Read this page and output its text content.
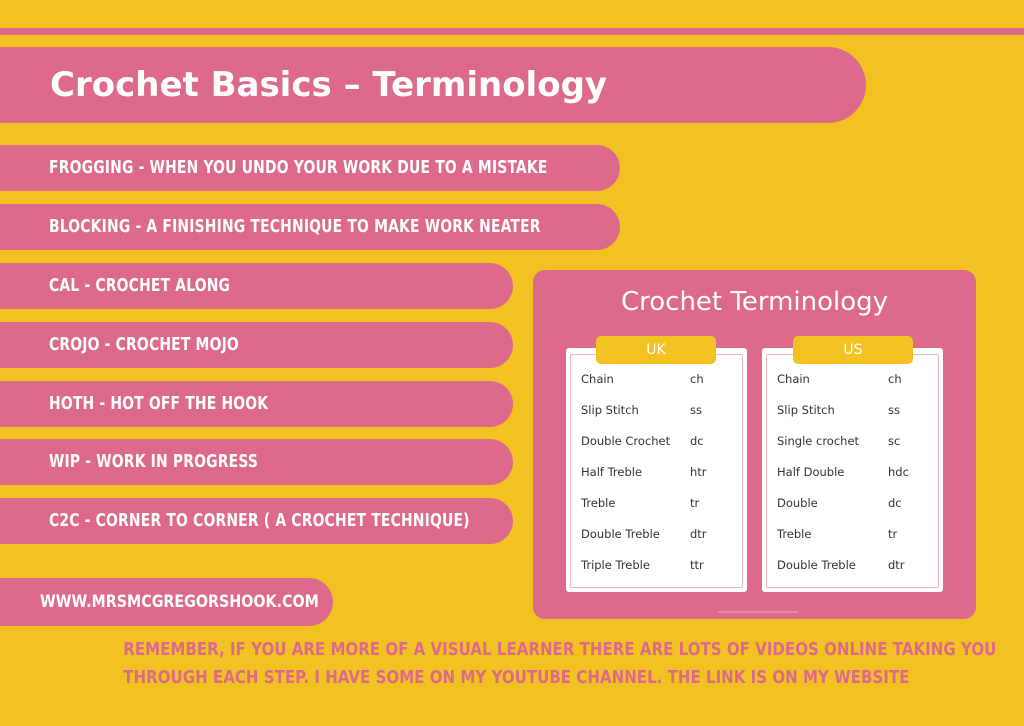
Crochet Basics – Terminology
FROGGING - WHEN YOU UNDO YOUR WORK DUE TO A MISTAKE
BLOCKING - A FINISHING TECHNIQUE TO MAKE WORK NEATER
CAL - CROCHET ALONG
CROJO - CROCHET MOJO
HOTH - HOT OFF THE HOOK
WIP - WORK IN PROGRESS
C2C - CORNER TO CORNER ( A CROCHET TECHNIQUE)
WWW.MRSMCGREGORSHOOK.COM
Crochet Terminology
UK
Chain	ch
Slip Stitch	ss
Double Crochet dc
Half Treble	htr
Treble	tr
Double Treble	dtr
Triple Treble	ttr
US
Chain	ch
Slip Stitch	ss
Single crochet	sc
Half Double	hdc
Double	dc
Treble	tr
Double Treble	dtr
REMEMBER, IF YOU ARE MORE OF A VISUAL LEARNER THERE ARE LOTS OF VIDEOS ONLINE TAKING YOU
THROUGH EACH STEP. I HAVE SOME ON MY YOUTUBE CHANNEL. THE LINK IS ON MY WEBSITE
